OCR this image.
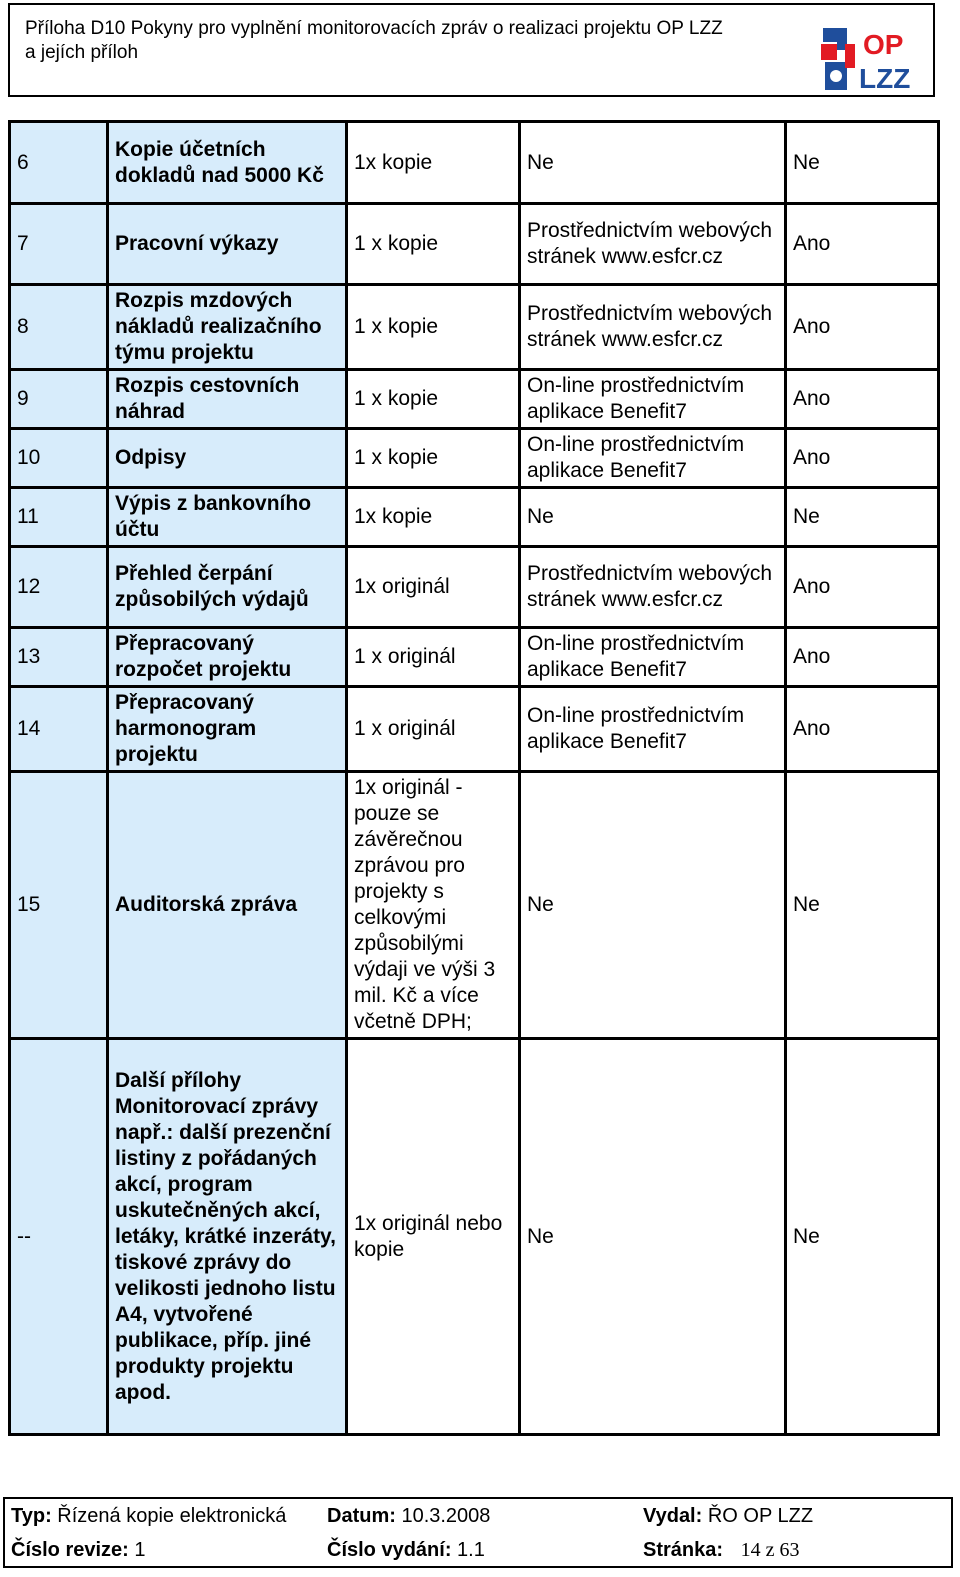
Příloha D10 Pokyny pro vyplnění monitorovacích zpráv o realizaci projektu OP LZZ
a jejích příloh	OP
LZZ
6	Kopie účetních dokladů nad 5000 Kč	1x kopie	Ne	Ne
7	Pracovní výkazy	1 x kopie	Prostřednictvím webových stránek www.esfcr.cz	Ano
8	Rozpis mzdových nákladů realizačního týmu projektu	1 x kopie	Prostřednictvím webových stránek www.esfcr.cz	Ano
9	Rozpis cestovních náhrad	1 x kopie	On-line prostřednictvím aplikace Benefit7	Ano
10	Odpisy	1 x kopie	On-line prostřednictvím aplikace Benefit7	Ano
11	Výpis z bankovního účtu	1x kopie	Ne	Ne
12	Přehled čerpání způsobilých výdajů	1x originál	Prostřednictvím webových stránek www.esfcr.cz	Ano
13	Přepracovaný rozpočet projektu	1 x originál	On-line prostřednictvím aplikace Benefit7	Ano
14	Přepracovaný harmonogram projektu	1 x originál	On-line prostřednictvím aplikace Benefit7	Ano
15	Auditorská zpráva	1x originál - pouze se závěrečnou zprávou pro projekty s celkovými způsobilými výdaji ve výši 3 mil. Kč a více včetně DPH;	Ne	Ne
--	Další přílohy Monitorovací zprávy např.: další prezenční listiny z pořádaných akcí, program uskutečněných akcí, letáky, krátké inzeráty, tiskové zprávy do velikosti jednoho listu A4, vytvořené publikace, příp. jiné produkty projektu apod.	1x originál nebo kopie	Ne	Ne
Typ: Řízená kopie elektronická Datum: 10.3.2008	Vydal: ŘO OP LZZ
Číslo revize: 1	Číslo vydání: 1.1	Stránka: 14 z 63
